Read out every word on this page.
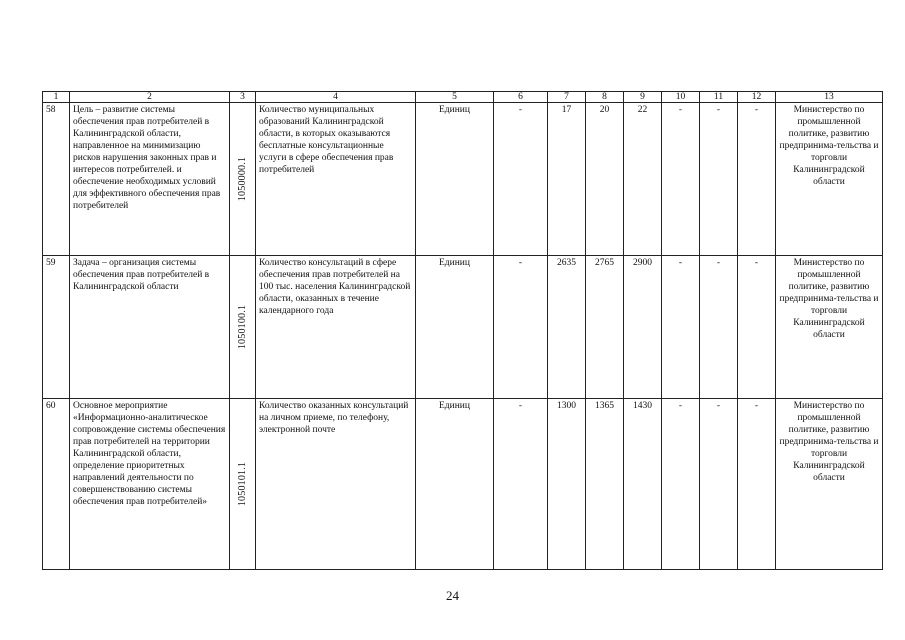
1	2	3	4	5	6	7	8	9	10	11	12	13
58	Цель – развитие системы обеспечения прав потребителей в Калининградской области, направленное на минимизацию рисков нарушения законных прав и интересов потребителей. и обеспечение необходимых условий для эффективного обеспечения прав потребителей	1050000.1	Количество муниципальных образований Калининградской области, в которых оказываются бесплатные консультационные услуги в сфере обеспечения прав потребителей	Единиц	-	17	20	22	-	-	-	Министерство по промышленной политике, развитию предпринима-тельства и торговли Калининградской области
59	Задача – организация системы обеспечения прав потребителей в Калининградской области	1050100.1	Количество консультаций в сфере обеспечения прав потребителей на 100 тыс. населения Калининградской области, оказанных в течение календарного года	Единиц	-	2635	2765	2900	-	-	-	Министерство по промышленной политике, развитию предпринима-тельства и торговли Калининградской области
60	Основное мероприятие «Информационно-аналитическое сопровождение системы обеспечения прав потребителей на территории Калининградской области, определение приоритетных направлений деятельности по совершенствованию системы обеспечения прав потребителей»	1050101.1	Количество оказанных консультаций на личном приеме, по телефону, электронной почте	Единиц	-	1300	1365	1430	-	-	-	Министерство по промышленной политике, развитию предпринима-тельства и торговли Калининградской области
24
